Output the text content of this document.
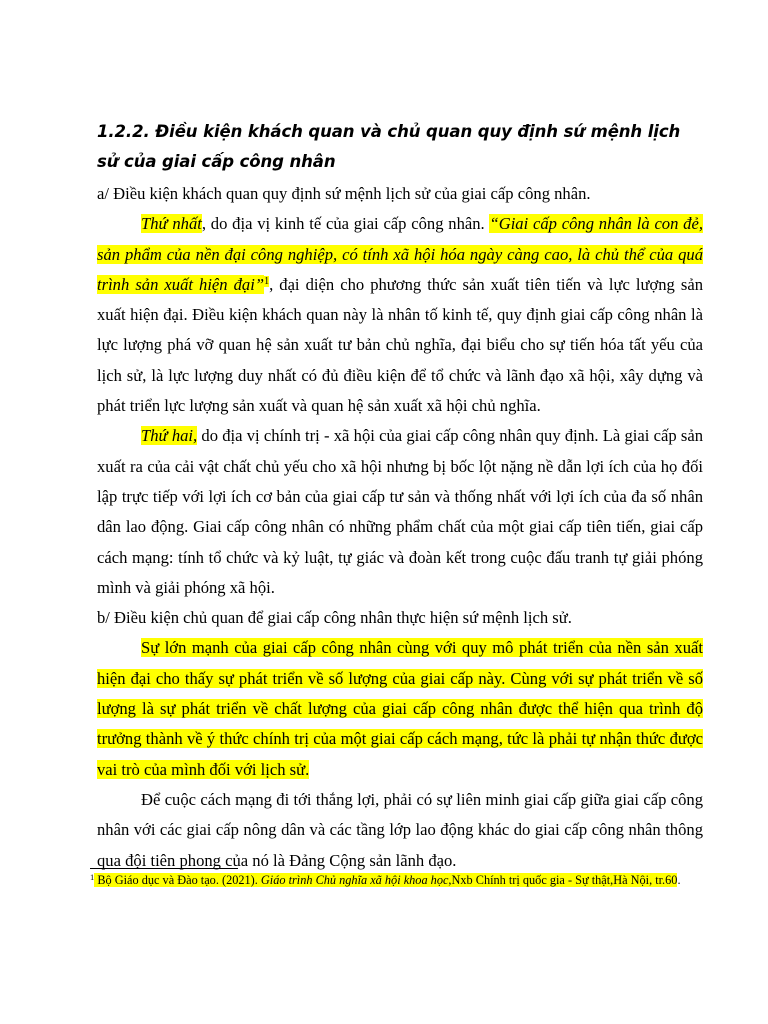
1.2.2. Điều kiện khách quan và chủ quan quy định sứ mệnh lịch sử của giai cấp công nhân

a/ Điều kiện khách quan quy định sứ mệnh lịch sử của giai cấp công nhân.

Thứ nhất, do địa vị kinh tế của giai cấp công nhân. “Giai cấp công nhân là con đẻ, sản phẩm của nền đại công nghiệp, có tính xã hội hóa ngày càng cao, là chủ thể của quá trình sản xuất hiện đại”$^1$, đại diện cho phương thức sản xuất tiên tiến và lực lượng sản xuất hiện đại. Điều kiện khách quan này là nhân tố kinh tế, quy định giai cấp công nhân là lực lượng phá vỡ quan hệ sản xuất tư bản chủ nghĩa, đại biểu cho sự tiến hóa tất yếu của lịch sử, là lực lượng duy nhất có đủ điều kiện để tổ chức và lãnh đạo xã hội, xây dựng và phát triển lực lượng sản xuất và quan hệ sản xuất xã hội chủ nghĩa.

Thứ hai, do địa vị chính trị - xã hội của giai cấp công nhân quy định. Là giai cấp sản xuất ra của cải vật chất chủ yếu cho xã hội nhưng bị bốc lột nặng nề dẫn lợi ích của họ đối lập trực tiếp với lợi ích cơ bản của giai cấp tư sản và thống nhất với lợi ích của đa số nhân dân lao động. Giai cấp công nhân có những phẩm chất của một giai cấp tiên tiến, giai cấp cách mạng: tính tổ chức và kỷ luật, tự giác và đoàn kết trong cuộc đấu tranh tự giải phóng mình và giải phóng xã hội.

b/ Điều kiện chủ quan để giai cấp công nhân thực hiện sứ mệnh lịch sử.

Sự lớn mạnh của giai cấp công nhân cùng với quy mô phát triển của nền sản xuất hiện đại cho thấy sự phát triển về số lượng của giai cấp này. Cùng với sự phát triển về số lượng là sự phát triển về chất lượng của giai cấp công nhân được thể hiện qua trình độ trưởng thành về ý thức chính trị của một giai cấp cách mạng, tức là phải tự nhận thức được vai trò của mình đối với lịch sử.

Để cuộc cách mạng đi tới thắng lợi, phải có sự liên minh giai cấp giữa giai cấp công nhân với các giai cấp nông dân và các tầng lớp lao động khác do giai cấp công nhân thông qua đội tiên phong của nó là Đảng Cộng sản lãnh đạo.

$^1$ Bộ Giáo dục và Đào tạo. (2021). Giáo trình Chủ nghĩa xã hội khoa học,Nxb Chính trị quốc gia - Sự thật,Hà Nội, tr.60.
